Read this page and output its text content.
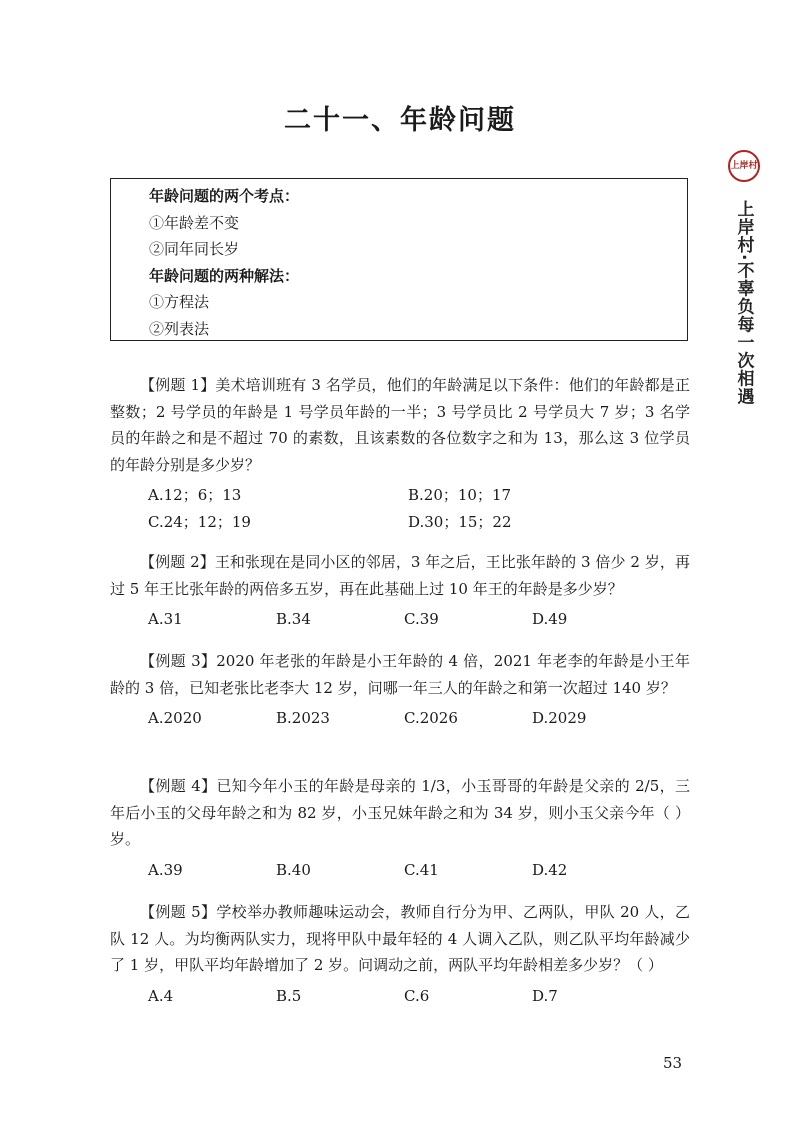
二十一、年龄问题
年龄问题的两个考点：
①年龄差不变
②同年同长岁
年龄问题的两种解法：
①方程法
②列表法

【例题 1】美术培训班有 3 名学员，他们的年龄满足以下条件：他们的年龄都是正整数；2 号学员的年龄是 1 号学员年龄的一半；3 号学员比 2 号学员大 7 岁；3 名学员的年龄之和是不超过 70 的素数，且该素数的各位数字之和为 13，那么这 3 位学员的年龄分别是多少岁？

A.12；6；13	B.20；10；17
C.24；12；19	D.30；15；22

【例题 2】王和张现在是同小区的邻居，3 年之后，王比张年龄的 3 倍少 2 岁，再过 5 年王比张年龄的两倍多五岁，再在此基础上过 10 年王的年龄是多少岁？

A.31	B.34	C.39	D.49

【例题 3】2020 年老张的年龄是小王年龄的 4 倍，2021 年老李的年龄是小王年龄的 3 倍，已知老张比老李大 12 岁，问哪一年三人的年龄之和第一次超过 140 岁？

A.2020	B.2023	C.2026	D.2029

【例题 4】已知今年小玉的年龄是母亲的 1/3，小玉哥哥的年龄是父亲的 2/5，三年后小玉的父母年龄之和为 82 岁，小玉兄妹年龄之和为 34 岁，则小玉父亲今年（ ）岁。

A.39	B.40	C.41	D.42

【例题 5】学校举办教师趣味运动会，教师自行分为甲、乙两队，甲队 20 人，乙队 12 人。为均衡两队实力，现将甲队中最年轻的 4 人调入乙队，则乙队平均年龄减少了 1 岁，甲队平均年龄增加了 2 岁。问调动之前，两队平均年龄相差多少岁？（ ）

A.4	B.5	C.6	D.7
上岸村
上岸村·不辜负每一次相遇
53
